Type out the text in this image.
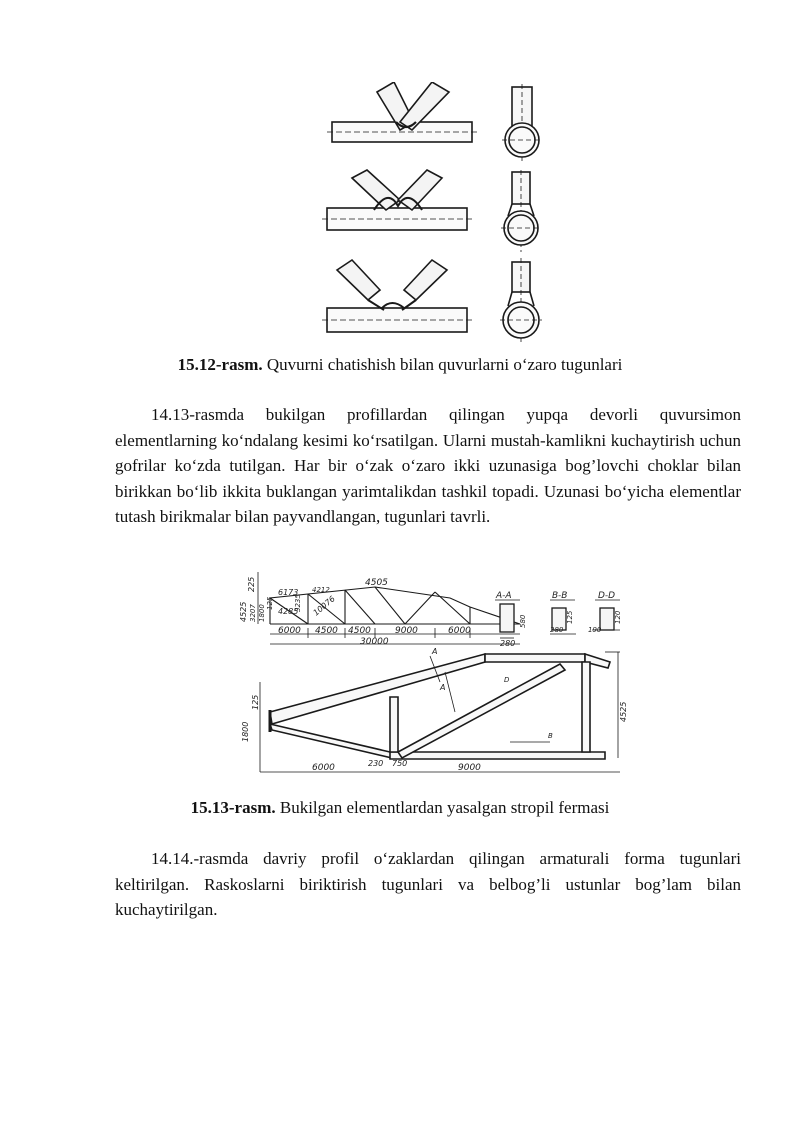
15.12-rasm. Quvurni chatishish bilan quvurlarni o‘zaro tugunlari

14.13-rasmda bukilgan profillardan qilingan yupqa devorli quvursimon elementlarning ko‘ndalang kesimi ko‘rsatilgan. Ularni mustah-kamlikni kuchaytirish uchun gofrilar ko‘zda tutilgan. Har bir o‘zak o‘zaro ikki uzunasiga bog’lovchi choklar bilan birikkan bo‘lib ikkita buklangan yarimtalikdan tashkil topadi. Uzunasi bo‘yicha elementlar tutash birikmalar bilan payvandlangan, tugunlari tavrli.

4505
6173 4212
4285
3235 10076
6000 4500 4500	9000	6000
30000
4525
225
3207 1800
125
A-A
580
280
B-B
280	190
125
D-D
120
A
A
D
B
125
1800
6000	230 750	9000
4525
15.13-rasm. Bukilgan elementlardan yasalgan stropil fermasi

14.14.-rasmda davriy profil o‘zaklardan qilingan armaturali forma tugunlari keltirilgan. Raskoslarni biriktirish tugunlari va belbog’li ustunlar bog’lam bilan kuchaytirilgan.
